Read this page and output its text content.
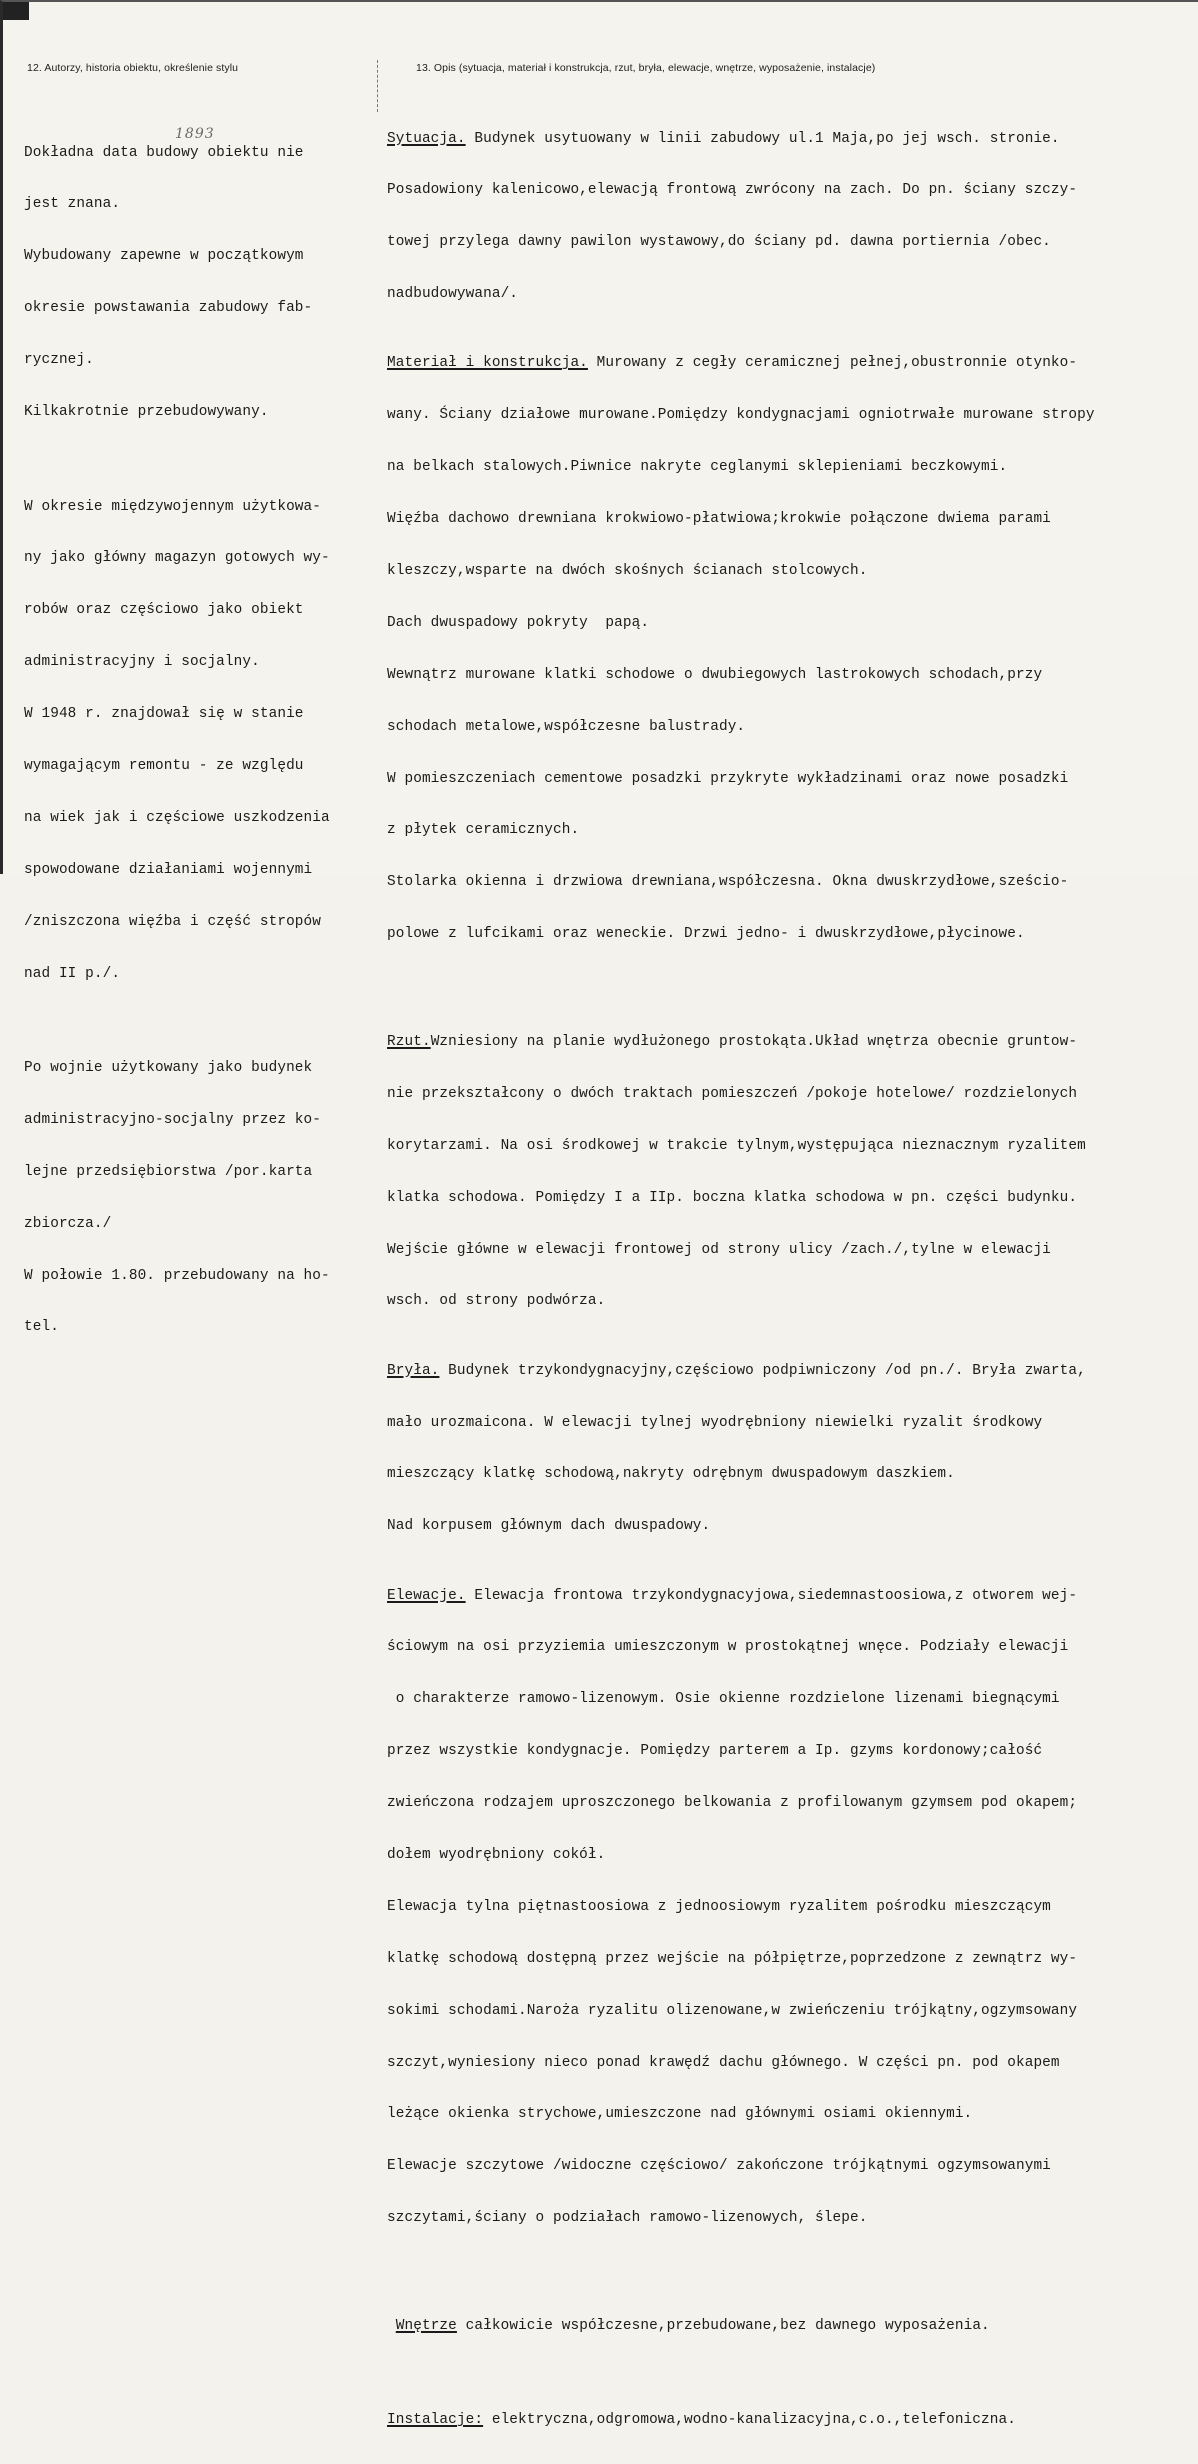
12. Autorzy, historia obiektu, określenie stylu	13. Opis (sytuacja, materiał i konstrukcja, rzut, bryła, elewacje, wnętrze, wyposażenie, instalacje)
1893

Dokładna data budowy obiektu nie

jest znana.

Wybudowany zapewne w początkowym

okresie powstawania zabudowy fab-

rycznej.

Kilkakrotnie przebudowywany.

W okresie międzywojennym użytkowa-

ny jako główny magazyn gotowych wy-

robów oraz częściowo jako obiekt

administracyjny i socjalny.

W 1948 r. znajdował się w stanie

wymagającym remontu - ze względu

na wiek jak i częściowe uszkodzenia

spowodowane działaniami wojennymi

/zniszczona więźba i część stropów

nad II p./.

Po wojnie użytkowany jako budynek

administracyjno-socjalny przez ko-

lejne przedsiębiorstwa /por.karta

zbiorcza./

W połowie 1.80. przebudowany na ho-

tel.

Sytuacja. Budynek usytuowany w linii zabudowy ul.1 Maja,po jej wsch. stronie.

Posadowiony kalenicowo,elewacją frontową zwrócony na zach. Do pn. ściany szczy-

towej przylega dawny pawilon wystawowy,do ściany pd. dawna portiernia /obec.

nadbudowywana/.

Materiał i konstrukcja. Murowany z cegły ceramicznej pełnej,obustronnie otynko-

wany. Ściany działowe murowane.Pomiędzy kondygnacjami ogniotrwałe murowane stropy

na belkach stalowych.Piwnice nakryte ceglanymi sklepieniami beczkowymi.

Więźba dachowo drewniana krokwiowo-płatwiowa;krokwie połączone dwiema parami

kleszczy,wsparte na dwóch skośnych ścianach stolcowych.

Dach dwuspadowy pokryty  papą.

Wewnątrz murowane klatki schodowe o dwubiegowych lastrokowych schodach,przy

schodach metalowe,współczesne balustrady.

W pomieszczeniach cementowe posadzki przykryte wykładzinami oraz nowe posadzki

z płytek ceramicznych.

Stolarka okienna i drzwiowa drewniana,współczesna. Okna dwuskrzydłowe,sześcio-

polowe z lufcikami oraz weneckie. Drzwi jedno- i dwuskrzydłowe,płycinowe.

Rzut.Wzniesiony na planie wydłużonego prostokąta.Układ wnętrza obecnie gruntow-

nie przekształcony o dwóch traktach pomieszczeń /pokoje hotelowe/ rozdzielonych

korytarzami. Na osi środkowej w trakcie tylnym,występująca nieznacznym ryzalitem

klatka schodowa. Pomiędzy I a IIp. boczna klatka schodowa w pn. części budynku.

Wejście główne w elewacji frontowej od strony ulicy /zach./,tylne w elewacji

wsch. od strony podwórza.

Bryła. Budynek trzykondygnacyjny,częściowo podpiwniczony /od pn./. Bryła zwarta,

mało urozmaicona. W elewacji tylnej wyodrębniony niewielki ryzalit środkowy

mieszczący klatkę schodową,nakryty odrębnym dwuspadowym daszkiem.

Nad korpusem głównym dach dwuspadowy.

Elewacje. Elewacja frontowa trzykondygnacyjowa,siedemnastoosiowa,z otworem wej-

ściowym na osi przyziemia umieszczonym w prostokątnej wnęce. Podziały elewacji

o charakterze ramowo-lizenowym. Osie okienne rozdzielone lizenami biegnącymi

przez wszystkie kondygnacje. Pomiędzy parterem a Ip. gzyms kordonowy;całość

zwieńczona rodzajem uproszczonego belkowania z profilowanym gzymsem pod okapem;

dołem wyodrębniony cokół.

Elewacja tylna piętnastoosiowa z jednoosiowym ryzalitem pośrodku mieszczącym

klatkę schodową dostępną przez wejście na półpiętrze,poprzedzone z zewnątrz wy-

sokimi schodami.Naroża ryzalitu olizenowane,w zwieńczeniu trójkątny,ogzymsowany

szczyt,wyniesiony nieco ponad krawędź dachu głównego. W części pn. pod okapem

leżące okienka strychowe,umieszczone nad głównymi osiami okiennymi.

Elewacje szczytowe /widoczne częściowo/ zakończone trójkątnymi ogzymsowanymi

szczytami,ściany o podziałach ramowo-lizenowych, ślepe.

Wnętrze całkowicie współczesne,przebudowane,bez dawnego wyposażenia.

Instalacje: elektryczna,odgromowa,wodno-kanalizacyjna,c.o.,telefoniczna.
